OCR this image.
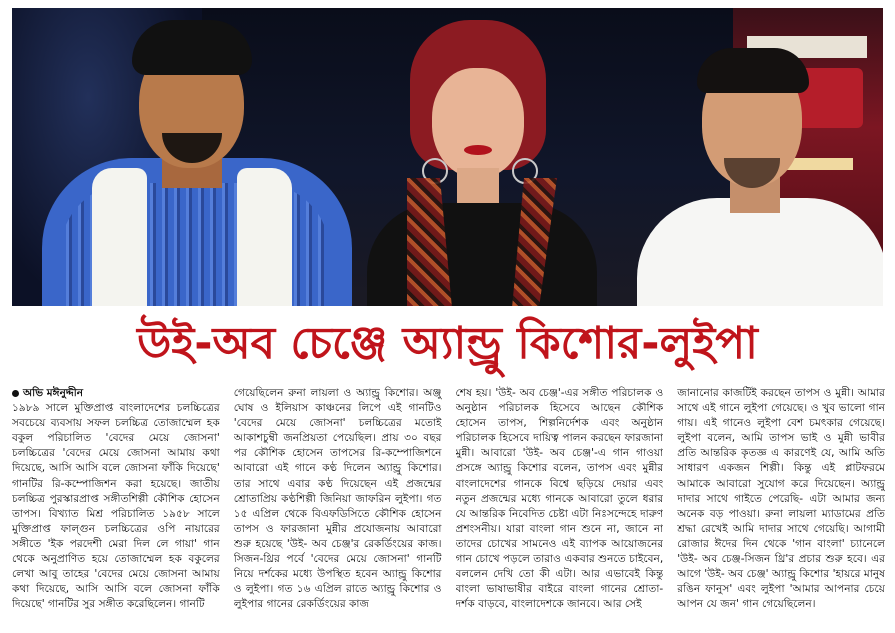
উই-অব চেঞ্জে অ্যান্ড্রু কিশোর-লুইপা
অভি মঈনুদ্দীন
১৯৮৯ সালে মুক্তিপ্রাপ্ত বাংলাদেশের চলচ্চিত্রের সবচেয়ে ব্যবসায় সফল চলচ্চিত্র তোজাম্মেল হক বকুল পরিচালিত 'বেদের মেয়ে জোসনা' চলচ্চিত্রের 'বেদের মেয়ে জোসনা আমায় কথা দিয়েছে, আসি আসি বলে জোসনা ফাঁকি দিয়েছে' গানটির রি-কম্পোজিশন করা হয়েছে। জাতীয় চলচ্চিত্র পুরস্কারপ্রাপ্ত সঙ্গীতশিল্পী কৌশিক হোসেন তাপস। বিখ্যাত মিশ্র পরিচালিত ১৯৫৮ সালে মুক্তিপ্রাপ্ত ফাল্গুন চলচ্চিত্রের ওপি নায়ারের সঙ্গীতে 'ইক পরদেশী মেরা দিল লে গায়া' গান থেকে অনুপ্রাণিত হয়ে তোজাম্মেল হক বকুলের লেখা আবু তাহের 'বেদের মেয়ে জোসনা আমায় কথা দিয়েছে, আসি আসি বলে জোসনা ফাঁকি দিয়েছে' গানটির সুর সঙ্গীত করেছিলেন। গানটি
গেয়েছিলেন রুনা লায়লা ও অ্যান্ড্রু কিশোর। অঞ্জু ঘোষ ও ইলিয়াস কাঞ্চনের লিপে এই গানটিও 'বেদের মেয়ে জোসনা' চলচ্চিত্রের মতোই আকাশচুম্বী জনপ্রিয়তা পেয়েছিল। প্রায় ৩০ বছর পর কৌশিক হোসেন তাপসের রি-কম্পোজিশনে আবারো এই গানে কণ্ঠ দিলেন অ্যান্ড্রু কিশোর। তার সাথে এবার কণ্ঠ দিয়েছেন এই প্রজন্মের শ্রোতাপ্রিয় কণ্ঠশিল্পী জিনিয়া জাফরিন লুইপা। গত ১৫ এপ্রিল থেকে বিএফডিসিতে কৌশিক হোসেন তাপস ও ফারজানা মুন্নীর প্রযোজনায় আবারো শুরু হয়েছে 'উই- অব চেঞ্জ'র রেকর্ডিংয়ের কাজ। সিজন-থ্রির পর্বে 'বেদের মেয়ে জোসনা' গানটি নিয়ে দর্শকের মধ্যে উপস্থিত হবেন অ্যান্ড্রু কিশোর ও লুইপা। গত ১৬ এপ্রিল রাতে অ্যান্ড্রু কিশোর ও লুইপার গানের রেকর্ডিংয়ের কাজ
শেষ হয়। 'উই- অব চেঞ্জ'-এর সঙ্গীত পরিচালক ও অনুষ্ঠান পরিচালক হিসেবে আছেন কৌশিক হোসেন তাপস, শিল্পনির্দেশক এবং অনুষ্ঠান পরিচালক হিসেবে দায়িত্ব পালন করছেন ফারজানা মুন্নী। আবারো 'উই- অব চেঞ্জ'-এ গান গাওয়া প্রসঙ্গে অ্যান্ড্রু কিশোর বলেন, তাপস এবং মুন্নীর বাংলাদেশের গানকে বিশ্বে ছড়িয়ে দেয়ার এবং নতুন প্রজন্মের মধ্যে গানকে আবারো তুলে ধরার যে আন্তরিক নিবেদিত চেষ্টা এটা নিঃসন্দেহে দারুণ প্রশংসনীয়। যারা বাংলা গান শুনে না, জানে না তাদের চোখের সামনেও এই ব্যাপক আয়োজনের গান চোখে পড়লে তারাও একবার শুনতে চাইবেন, বললেন দেখি তো কী এটা। আর এভাবেই কিন্তু বাংলা ভাষাভাষীর বাইরে বাংলা গানের শ্রোতা-দর্শক বাড়বে, বাংলাদেশকে জানবে। আর সেই
জানানোর কাজটিই করছেন তাপস ও মুন্নী। আমার সাথে এই গানে লুইপা গেয়েছে। ও খুব ভালো গান গায়। এই গানেও লুইপা বেশ চমৎকার গেয়েছে। লুইপা বলেন, আমি তাপস ভাই ও মুন্নী ভাবীর প্রতি আন্তরিক কৃতজ্ঞ এ কারণেই যে, আমি অতি সাধারণ একজন শিল্পী। কিন্তু এই প্লাটফরমে আমাকে আবারো সুযোগ করে দিয়েছেন। অ্যান্ড্রু দাদার সাথে গাইতে পেরেছি- এটা আমার জন্য অনেক বড় পাওয়া। রুনা লায়লা ম্যাডামের প্রতি শ্রদ্ধা রেখেই আমি দাদার সাথে গেয়েছি। আগামী রোজার ঈদের দিন থেকে 'গান বাংলা' চ্যানেলে 'উই- অব চেঞ্জ-সিজন থ্রি'র প্রচার শুরু হবে। এর আগে 'উই- অব চেঞ্জ' অ্যান্ড্রু কিশোর 'হায়রে মানুষ রঙিন ফানুস' এবং লুইপা 'আমার আপনার চেয়ে আপন যে জন' গান গেয়েছিলেন।
